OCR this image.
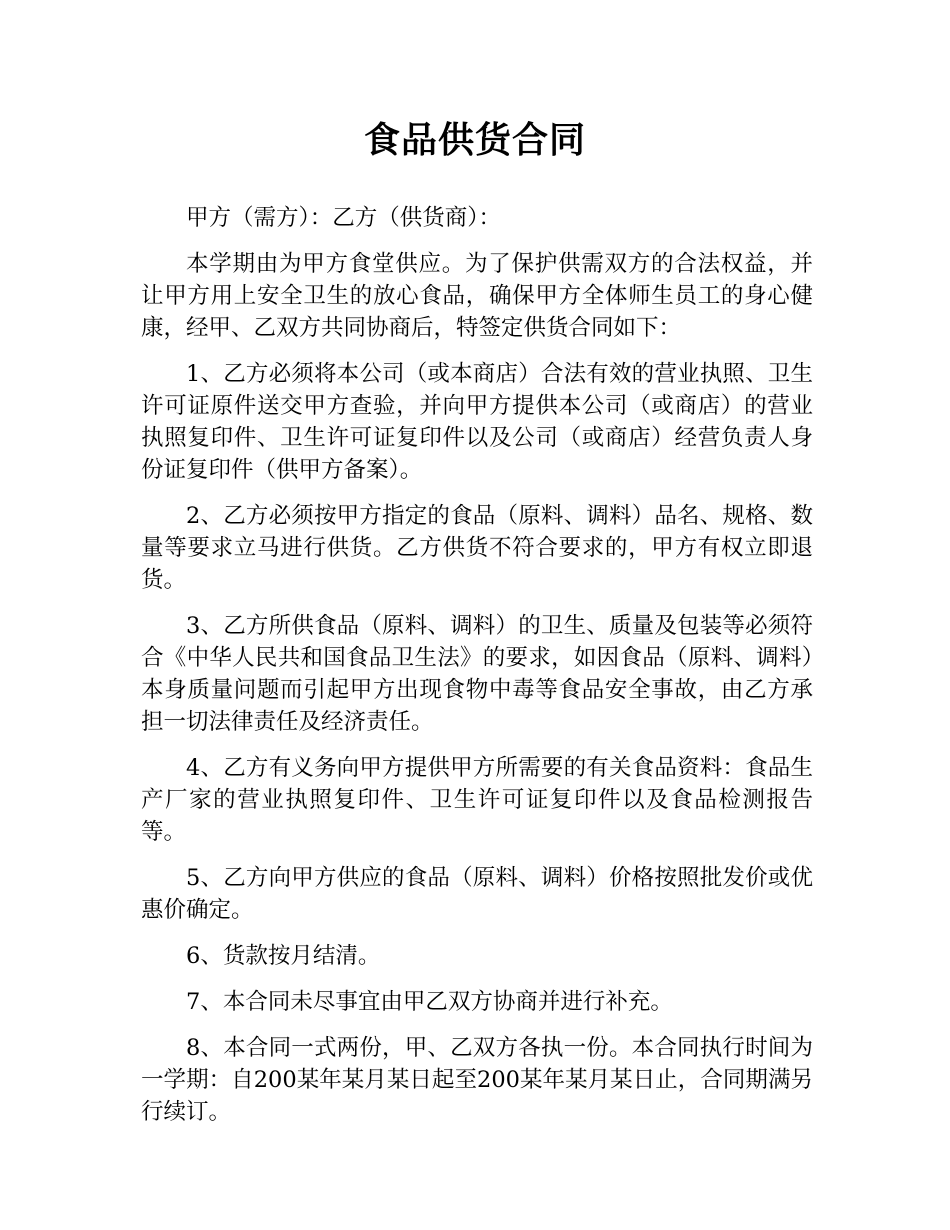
食品供货合同

甲方（需方）：乙方（供货商）：

本学期由为甲方食堂供应。为了保护供需双方的合法权益，并让甲方用上安全卫生的放心食品，确保甲方全体师生员工的身心健康，经甲、乙双方共同协商后，特签定供货合同如下：

1、乙方必须将本公司（或本商店）合法有效的营业执照、卫生许可证原件送交甲方查验，并向甲方提供本公司（或商店）的营业执照复印件、卫生许可证复印件以及公司（或商店）经营负责人身份证复印件（供甲方备案）。

2、乙方必须按甲方指定的食品（原料、调料）品名、规格、数量等要求立马进行供货。乙方供货不符合要求的，甲方有权立即退货。

3、乙方所供食品（原料、调料）的卫生、质量及包装等必须符合《中华人民共和国食品卫生法》的要求，如因食品（原料、调料）本身质量问题而引起甲方出现食物中毒等食品安全事故，由乙方承担一切法律责任及经济责任。

4、乙方有义务向甲方提供甲方所需要的有关食品资料：食品生产厂家的营业执照复印件、卫生许可证复印件以及食品检测报告等。

5、乙方向甲方供应的食品（原料、调料）价格按照批发价或优惠价确定。

6、货款按月结清。

7、本合同未尽事宜由甲乙双方协商并进行补充。

8、本合同一式两份，甲、乙双方各执一份。本合同执行时间为一学期：自200某年某月某日起至200某年某月某日止，合同期满另行续订。
